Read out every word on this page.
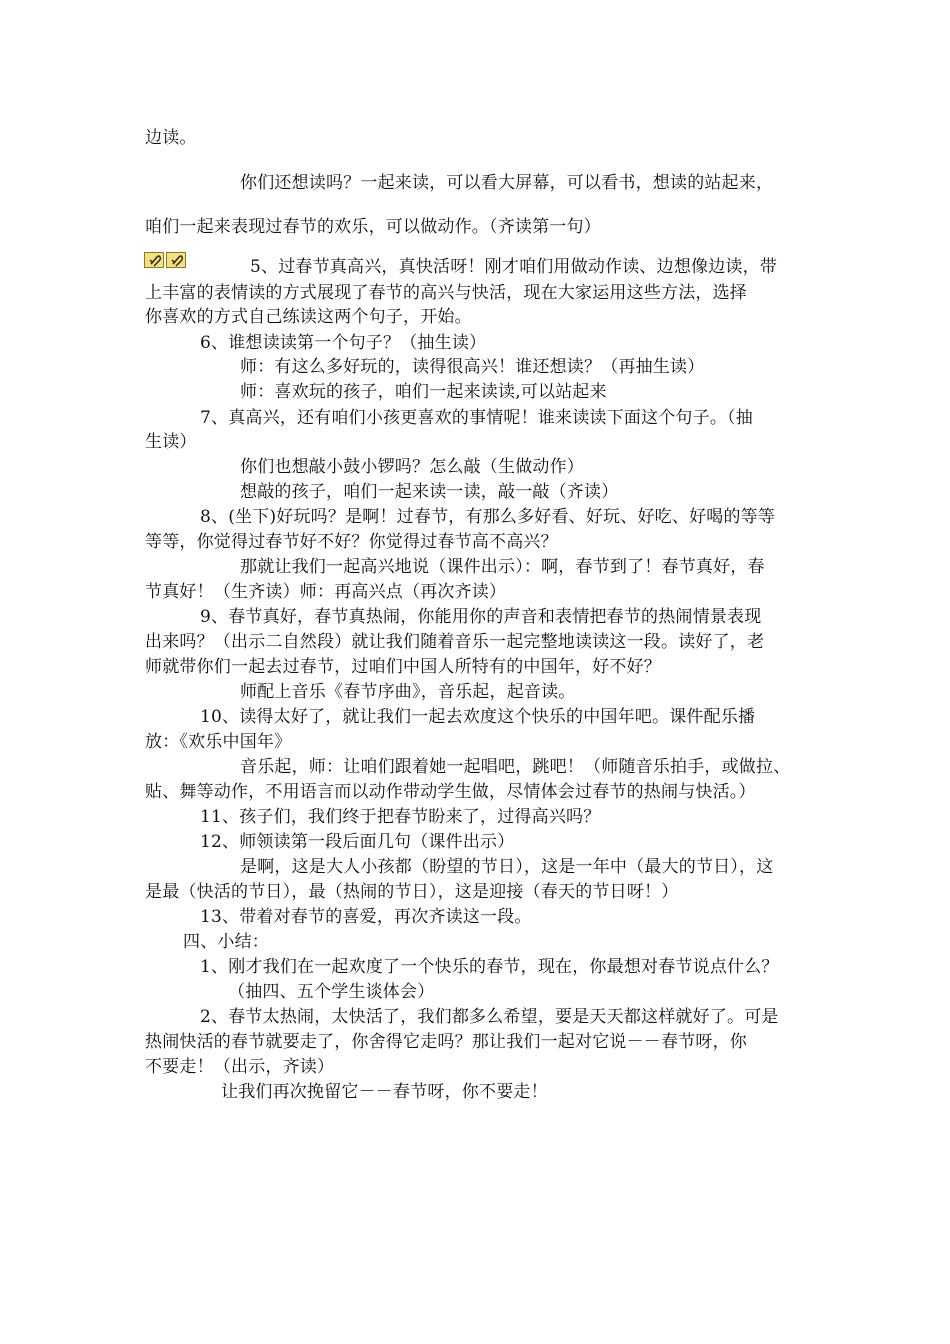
边读。
你们还想读吗？一起来读，可以看大屏幕，可以看书，想读的站起来，
咱们一起来表现过春节的欢乐，可以做动作。（齐读第一句）
5、过春节真高兴，真快活呀！刚才咱们用做动作读、边想像边读，带
上丰富的表情读的方式展现了春节的高兴与快活，现在大家运用这些方法，选择
你喜欢的方式自己练读这两个句子，开始。
6、谁想读读第一个句子？（抽生读）
师：有这么多好玩的，读得很高兴！谁还想读？（再抽生读）
师：喜欢玩的孩子，咱们一起来读读,可以站起来
7、真高兴，还有咱们小孩更喜欢的事情呢！谁来读读下面这个句子。（抽
生读）
你们也想敲小鼓小锣吗？怎么敲（生做动作）
想敲的孩子，咱们一起来读一读，敲一敲（齐读）
8、(坐下)好玩吗？是啊！过春节，有那么多好看、好玩、好吃、好喝的等等
等等，你觉得过春节好不好？你觉得过春节高不高兴？
那就让我们一起高兴地说（课件出示）：啊，春节到了！春节真好，春
节真好！（生齐读）师：再高兴点（再次齐读）
9、春节真好，春节真热闹，你能用你的声音和表情把春节的热闹情景表现
出来吗？（出示二自然段）就让我们随着音乐一起完整地读读这一段。读好了，老
师就带你们一起去过春节，过咱们中国人所特有的中国年，好不好？
师配上音乐《春节序曲》，音乐起，起音读。
10、读得太好了，就让我们一起去欢度这个快乐的中国年吧。课件配乐播
放：《欢乐中国年》
音乐起，师：让咱们跟着她一起唱吧，跳吧！（师随音乐拍手，或做拉、
贴、舞等动作，不用语言而以动作带动学生做，尽情体会过春节的热闹与快活。）
11、孩子们，我们终于把春节盼来了，过得高兴吗？
12、师领读第一段后面几句（课件出示）
是啊，这是大人小孩都（盼望的节日），这是一年中（最大的节日），这
是最（快活的节日），最（热闹的节日），这是迎接（春天的节日呀！）
13、带着对春节的喜爱，再次齐读这一段。
四、小结：
1、刚才我们在一起欢度了一个快乐的春节，现在，你最想对春节说点什么？
（抽四、五个学生谈体会）
2、春节太热闹，太快活了，我们都多么希望，要是天天都这样就好了。可是
热闹快活的春节就要走了，你舍得它走吗？那让我们一起对它说－－春节呀，你
不要走！（出示，齐读）
让我们再次挽留它－－春节呀，你不要走！
